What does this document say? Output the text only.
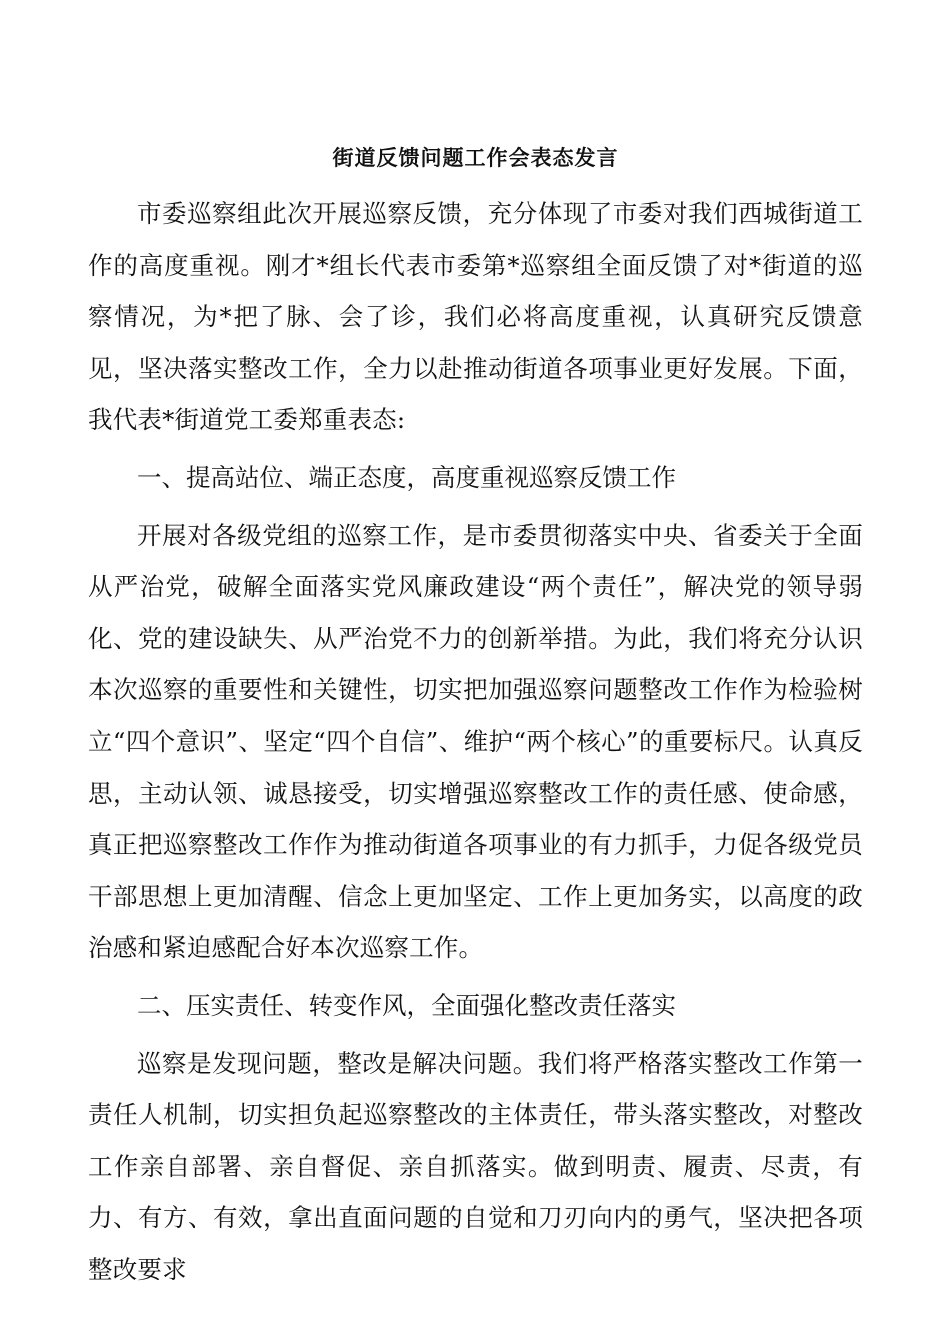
街道反馈问题工作会表态发言

市委巡察组此次开展巡察反馈，充分体现了市委对我们西城街道工作的高度重视。刚才*组长代表市委第*巡察组全面反馈了对*街道的巡察情况，为*把了脉、会了诊，我们必将高度重视，认真研究反馈意见，坚决落实整改工作，全力以赴推动街道各项事业更好发展。下面，我代表*街道党工委郑重表态:

一、提高站位、端正态度，高度重视巡察反馈工作

开展对各级党组的巡察工作，是市委贯彻落实中央、省委关于全面从严治党，破解全面落实党风廉政建设“两个责任”，解决党的领导弱化、党的建设缺失、从严治党不力的创新举措。为此，我们将充分认识本次巡察的重要性和关键性，切实把加强巡察问题整改工作作为检验树立“四个意识”、坚定“四个自信”、维护“两个核心”的重要标尺。认真反思，主动认领、诚恳接受，切实增强巡察整改工作的责任感、使命感，真正把巡察整改工作作为推动街道各项事业的有力抓手，力促各级党员干部思想上更加清醒、信念上更加坚定、工作上更加务实，以高度的政治感和紧迫感配合好本次巡察工作。

二、压实责任、转变作风，全面强化整改责任落实

巡察是发现问题，整改是解决问题。我们将严格落实整改工作第一责任人机制，切实担负起巡察整改的主体责任，带头落实整改，对整改工作亲自部署、亲自督促、亲自抓落实。做到明责、履责、尽责，有力、有方、有效，拿出直面问题的自觉和刀刃向内的勇气，坚决把各项整改要求
